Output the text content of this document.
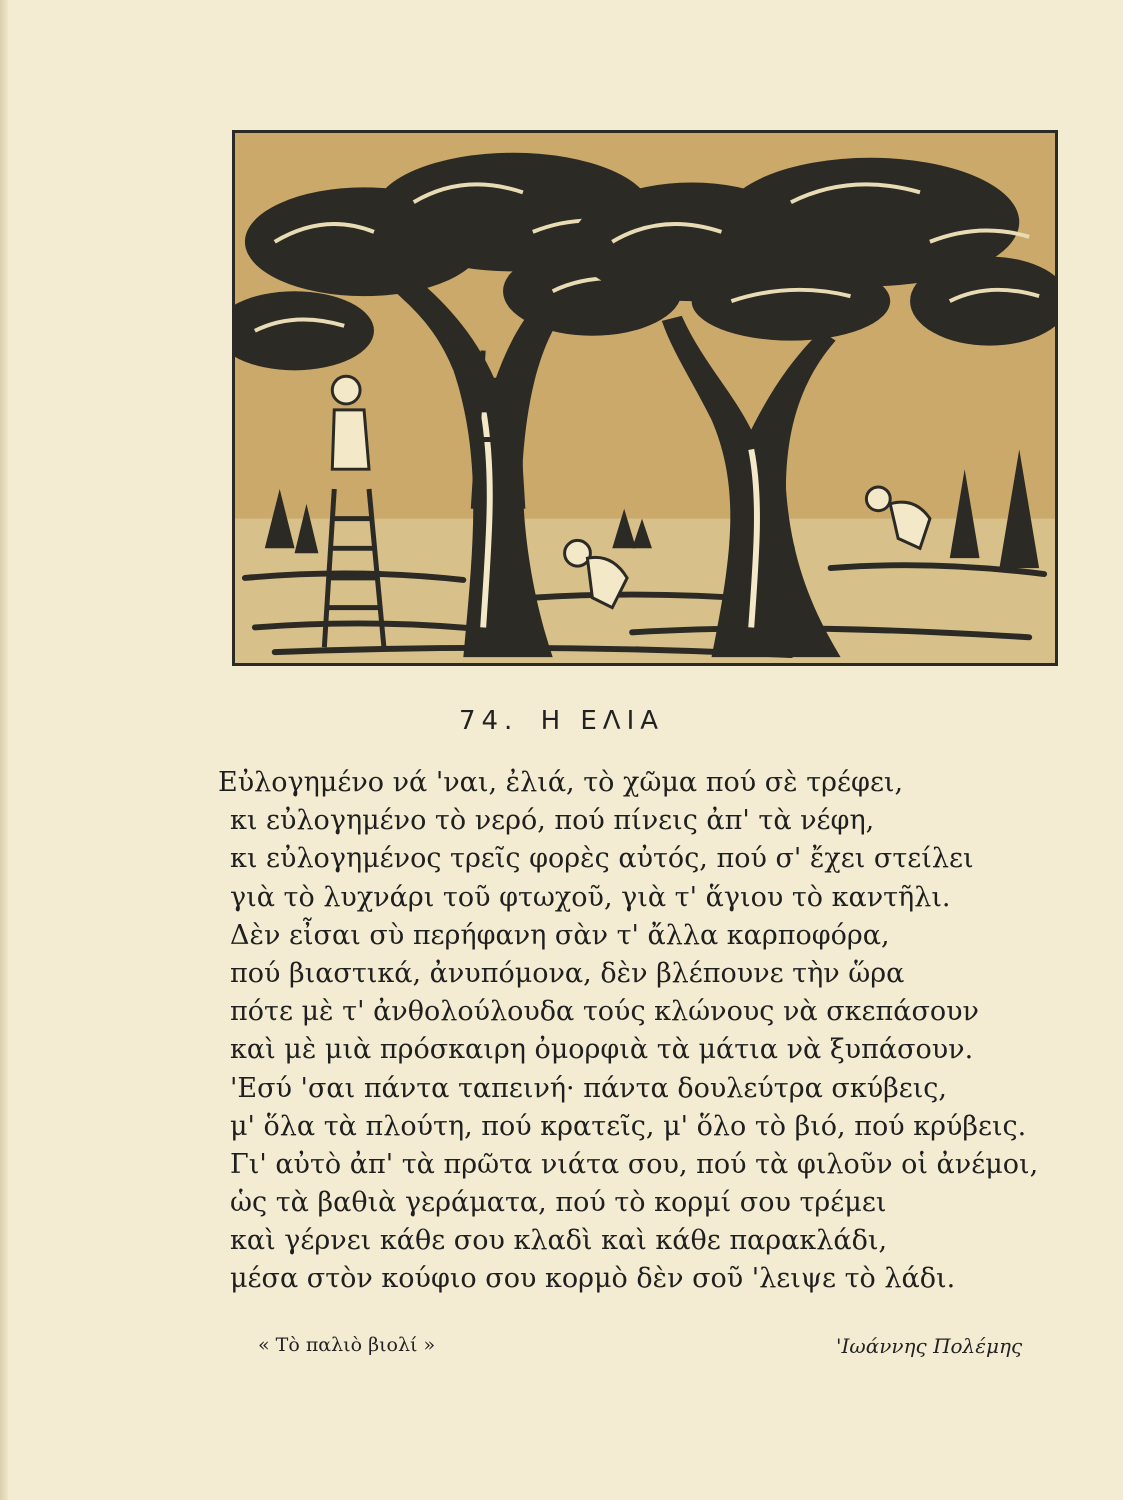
74. Η ΕΛΙΑ
Εὐλογημένο νά 'ναι, ἐλιά, τὸ χῶμα πού σὲ τρέφει,
κι εὐλογημένο τὸ νερό, πού πίνεις ἀπ' τὰ νέφη,
κι εὐλογημένος τρεῖς φορὲς αὐτός, πού σ' ἔχει στείλει
γιὰ τὸ λυχνάρι τοῦ φτωχοῦ, γιὰ τ' ἅγιου τὸ καντῆλι.
Δὲν εἶσαι σὺ περήφανη σὰν τ' ἄλλα καρποφόρα,
πού βιαστικά, ἀνυπόμονα, δὲν βλέπουνε τὴν ὥρα
πότε μὲ τ' ἀνθολούλουδα τούς κλώνους νὰ σκεπάσουν
καὶ μὲ μιὰ πρόσκαιρη ὀμορφιὰ τὰ μάτια νὰ ξυπάσουν.
'Εσύ 'σαι πάντα ταπεινή· πάντα δουλεύτρα σκύβεις,
μ' ὅλα τὰ πλούτη, πού κρατεῖς, μ' ὅλο τὸ βιό, πού κρύβεις.
Γι' αὐτὸ ἀπ' τὰ πρῶτα νιάτα σου, πού τὰ φιλοῦν οἱ ἀνέμοι,
ὡς τὰ βαθιὰ γεράματα, πού τὸ κορμί σου τρέμει
καὶ γέρνει κάθε σου κλαδὶ καὶ κάθε παρακλάδι,
μέσα στὸν κούφιο σου κορμὸ δὲν σοῦ 'λειψε τὸ λάδι.
« Τὸ παλιὸ βιολί »	'Ιωάννης Πολέμης
